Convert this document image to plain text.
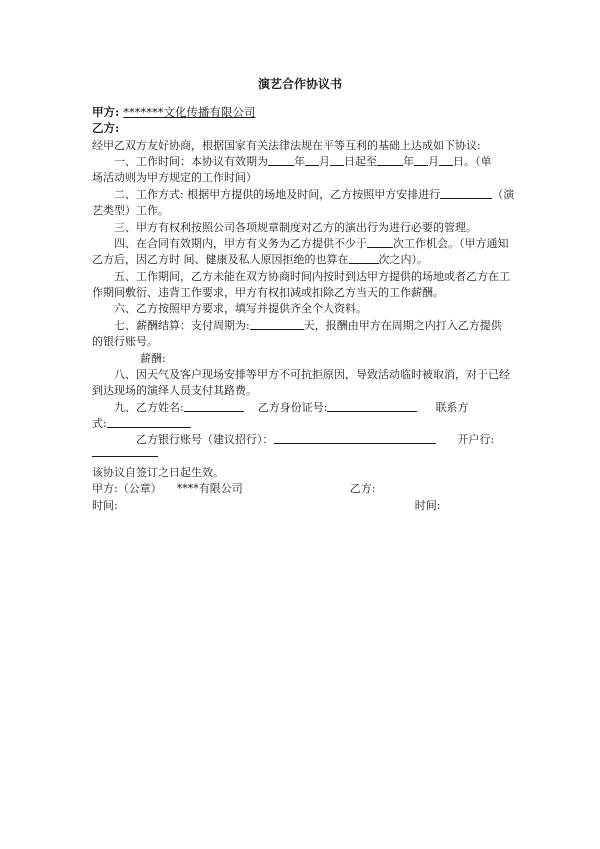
演艺合作协议书
甲方: *******文化传播有限公司
乙方:
经甲乙双方友好协商，根据国家有关法律法规在平等互利的基础上达成如下协议:
一、工作时间：本协议有效期为 年 月 日起至 年 月 日。（单
场活动则为甲方规定的工作时间）
二、工作方式: 根据甲方提供的场地及时间，乙方按照甲方安排进行	（演
艺类型）工作。
三、甲方有权利按照公司各项规章制度对乙方的演出行为进行必要的管理。
四、在合同有效期内，甲方有义务为乙方提供不少于 次工作机会。（甲方通知
乙方后，因乙方时 间、健康及私人原因拒绝的也算在	次之内）。
五、工作期间，乙方未能在双方协商时间内按时到达甲方提供的场地或者乙方在工
作期间敷衍、违背工作要求，甲方有权扣减或扣除乙方当天的工作薪酬。
六、乙方按照甲方要求，填写并提供齐全个人资料。
七、薪酬结算：支付周期为:	天，报酬由甲方在周期之内打入乙方提供
的银行账号。
薪酬:
八、因天气及客户现场安排等甲方不可抗拒原因，导致活动临时被取消，对于已经
到达现场的演绎人员支付其路费。
九、乙方姓名:	乙方身份证号:	联系方
式:
乙方银行账号（建议招行）：	开户行:
该协议自签订之日起生效。
甲方:（公章） ****有限公司	乙方:
时间:	时间:
